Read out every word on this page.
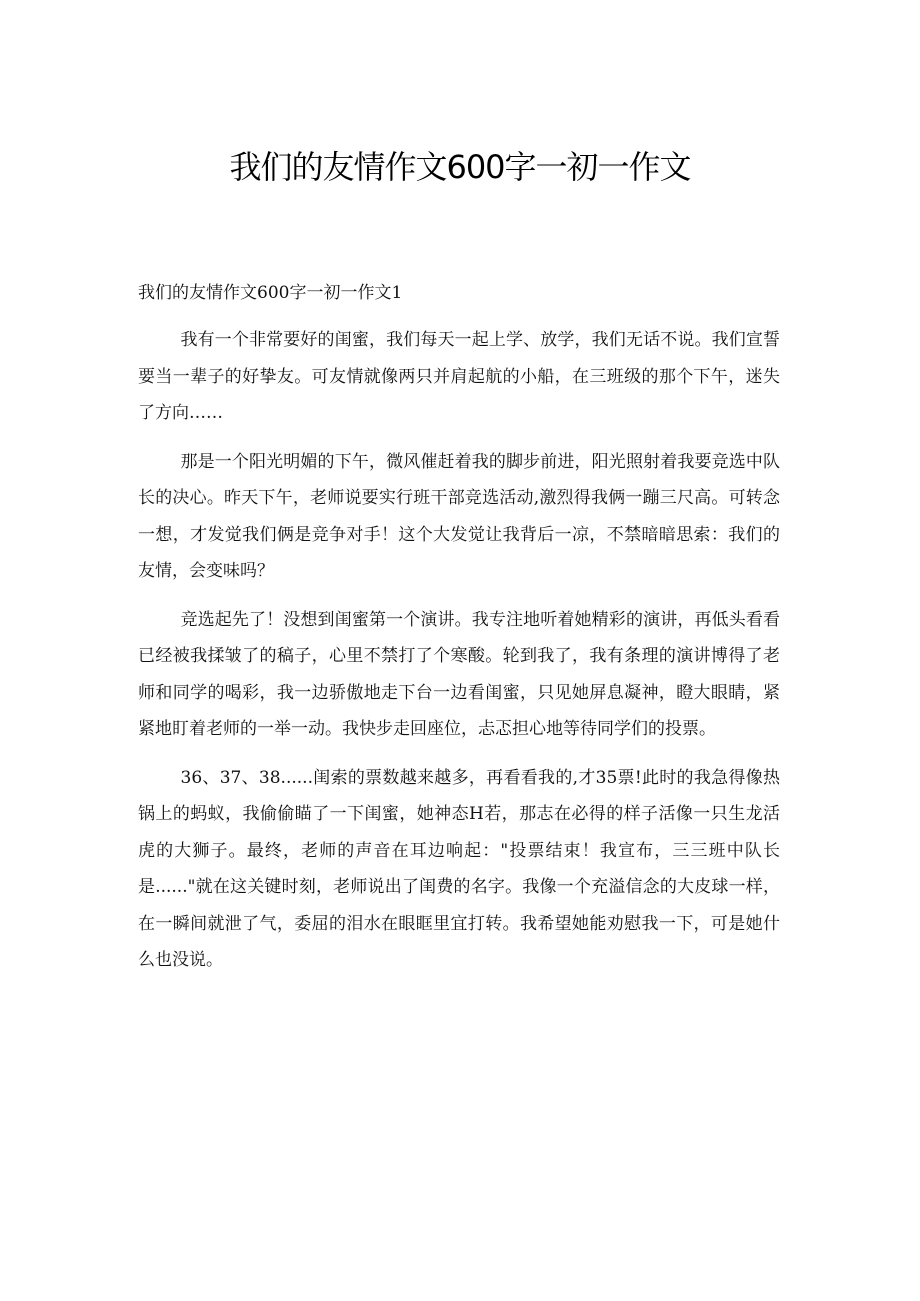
我们的友情作文600字一初一作文

我们的友情作文600字一初一作文1

我有一个非常要好的闺蜜，我们每天一起上学、放学，我们无话不说。我们宣誓要当一辈子的好挚友。可友情就像两只并肩起航的小船，在三班级的那个下午，迷失了方向……

那是一个阳光明媚的下午，微风催赶着我的脚步前进，阳光照射着我要竞选中队长的决心。昨天下午，老师说要实行班干部竞选活动,激烈得我俩一蹦三尺高。可转念一想，才发觉我们俩是竞争对手！这个大发觉让我背后一凉，不禁暗暗思索：我们的友情，会变味吗？

竞选起先了！没想到闺蜜第一个演讲。我专注地听着她精彩的演讲，再低头看看已经被我揉皱了的稿子，心里不禁打了个寒酸。轮到我了，我有条理的演讲博得了老师和同学的喝彩，我一边骄傲地走下台一边看闺蜜，只见她屏息凝神，瞪大眼睛，紧紧地盯着老师的一举一动。我快步走回座位，忐忑担心地等待同学们的投票。

36、37、38......闺索的票数越来越多，再看看我的,才35票!此时的我急得像热锅上的蚂蚁，我偷偷瞄了一下闺蜜，她神态H若，那志在必得的样子活像一只生龙活虎的大狮子。最终，老师的声音在耳边响起："投票结束！我宣布，三三班中队长是......"就在这关键时刻，老师说出了闺费的名字。我像一个充溢信念的大皮球一样，在一瞬间就泄了气，委屈的泪水在眼眶里宜打转。我希望她能劝慰我一下，可是她什么也没说。
